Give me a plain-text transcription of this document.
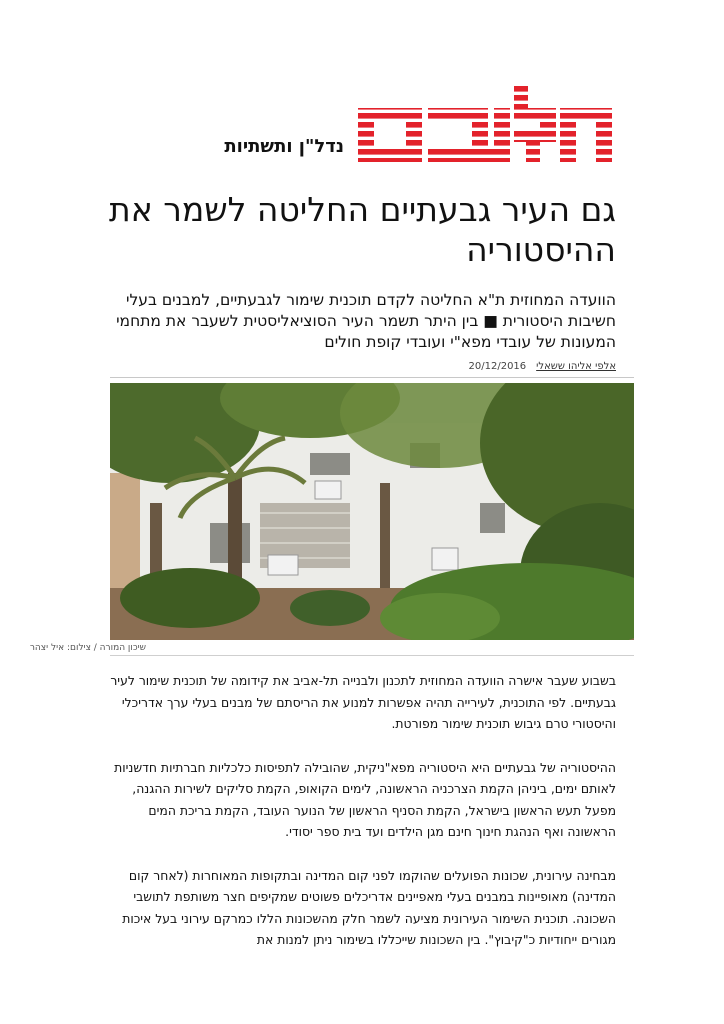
נדל"ן ותשתיות
גם העיר גבעתיים החליטה לשמר את ההיסטוריה

הוועדה המחוזית ת"א החליטה לקדם תוכנית שימור לגבעתיים, למבנים בעלי חשיבות היסטורית ■ בין היתר תשמר העיר הסוציאליסטית לשעבר את מתחמי המעונות של עובדי מפא"י ועובדי קופת חולים

אלפי אליהו ששאלי
20/12/2016
שיכון המורה / צילום: איל יצהר

בשבוע שעבר אישרה הוועדה המחוזית לתכנון ולבנייה תל-אביב את קידומה של תוכנית שימור לעיר גבעתיים. לפי התוכנית, לעירייה תהיה אפשרות למנוע את הריסתם של מבנים בעלי ערך אדריכלי והיסטורי טרם גיבוש תוכנית שימור מפורטת.

ההיסטוריה של גבעתיים היא היסטוריה מפא"ניקית, שהובילה לתפיסות כלכליות חברתיות חדשניות לאותם ימים, ביניהן הקמת הצרכניה הראשונה, לימים הקואופ, הקמת סליקים לשירות ההגנה, מפעל תעש הראשון בישראל, הקמת הסניף הראשון של הנוער העובד, הקמת בריכת המים הראשונה ואף הנהגת חינוך חינם מגן הילדים ועד בית ספר יסודי.

מבחינה עירונית, שכונות הפועלים שהוקמו לפני קום המדינה ובתקופות המאוחרות (לאחר קום המדינה) מאופיינות במבנים בעלי מאפיינים אדריכלים פשוטים שמקיפים חצר משותפת לתושבי השכונה. תוכנית השימור העירונית מציעה לשמר חלק מהשכונות הללו כמרקם עירוני בעל איכות מגורים ייחודיות כ"קיבוץ". בין השכונות שייכללו בשימור ניתן למנות את
